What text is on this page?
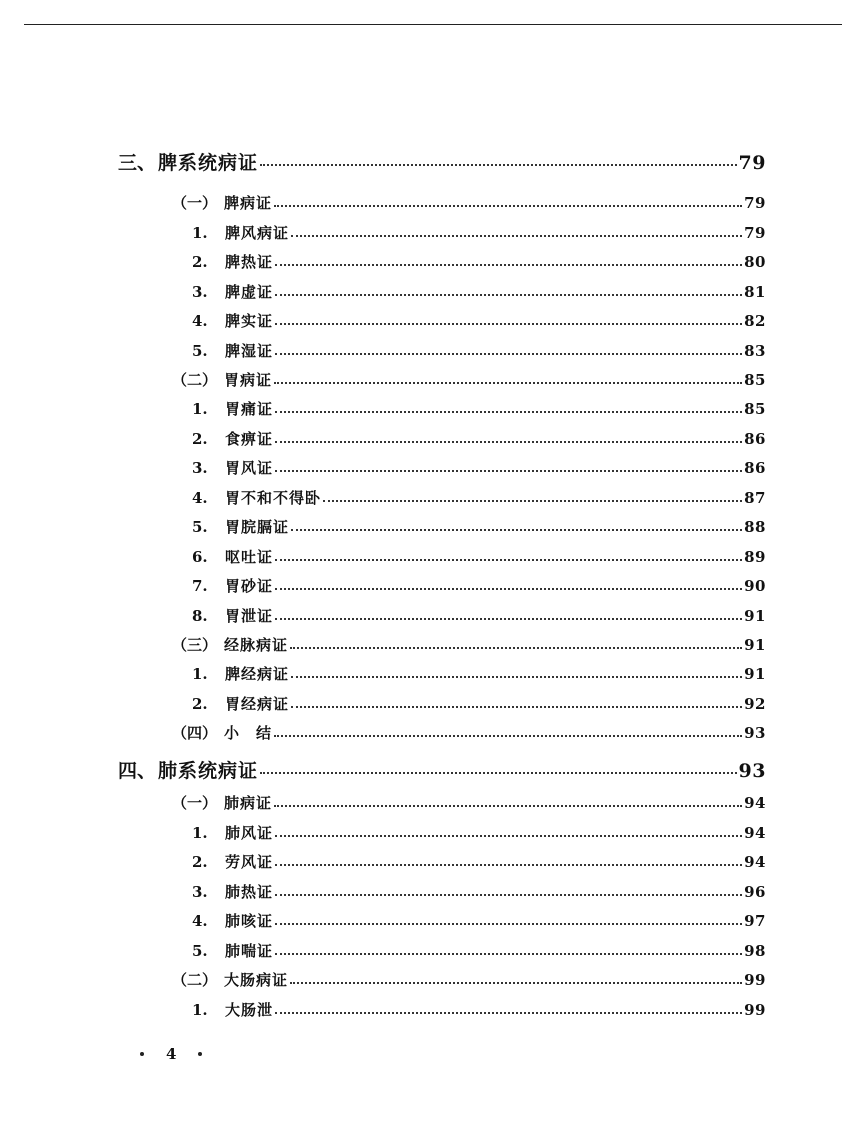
三、 脾系统病证	79
（一） 脾病证	79
1.	脾风病证	79
2.	脾热证	80
3.	脾虚证	81
4.	脾实证	82
5.	脾湿证	83
（二） 胃病证	85
1.	胃痛证	85
2.	食痹证	86
3.	胃风证	86
4.	胃不和不得卧	87
5.	胃脘膈证	88
6.	呕吐证	89
7.	胃砂证	90
8.	胃泄证	91
（三） 经脉病证	91
1.	脾经病证	91
2.	胃经病证	92
（四） 小　结	93
四、 肺系统病证	93
（一） 肺病证	94
1.	肺风证	94
2.	劳风证	94
3.	肺热证	96
4.	肺咳证	97
5.	肺喘证	98
（二） 大肠病证	99
1.	大肠泄	99
4
